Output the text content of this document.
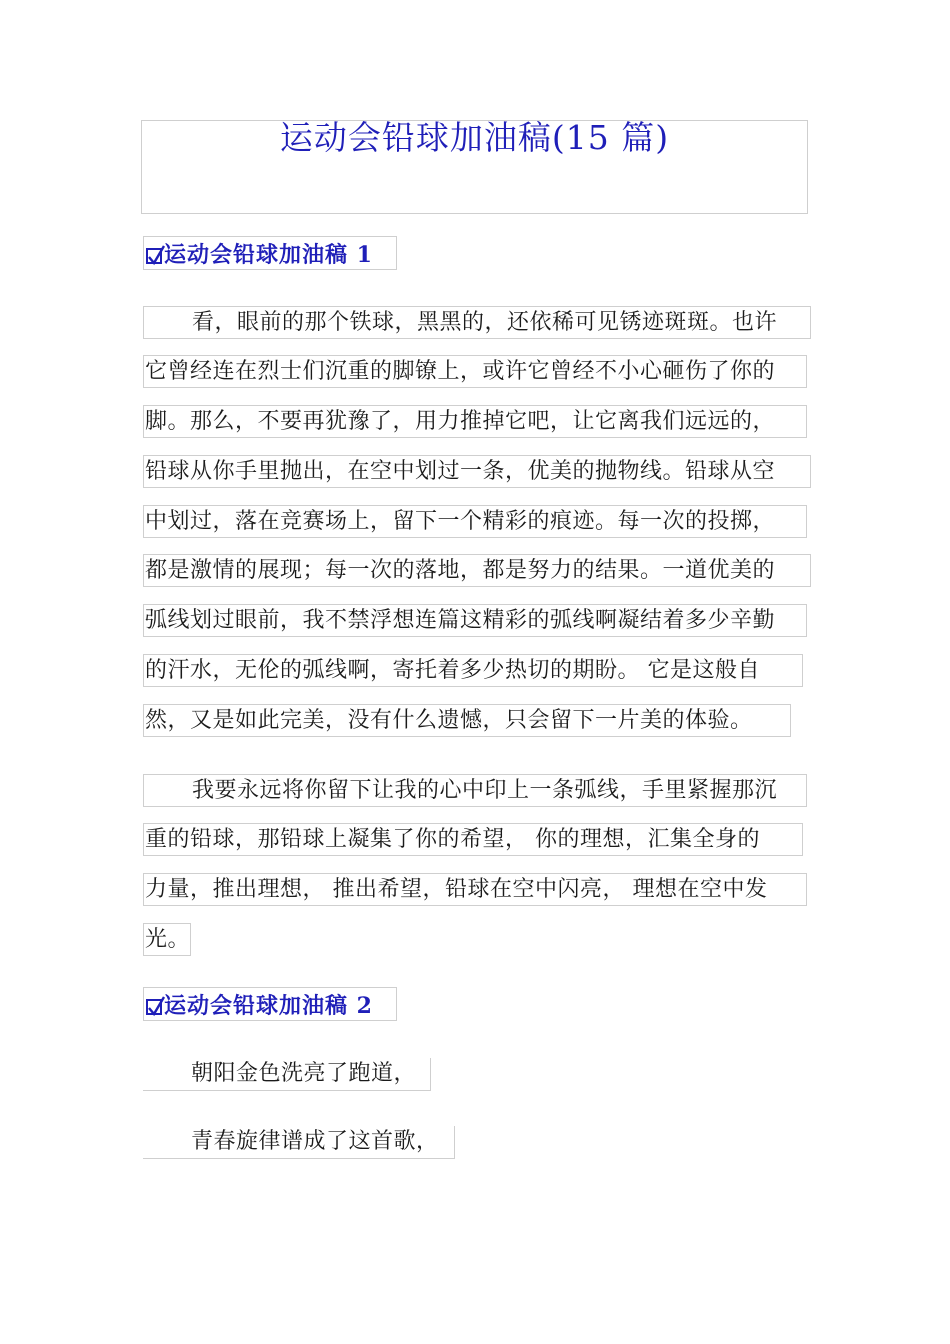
运动会铅球加油稿(15 篇)
运动会铅球加油稿 1
看，眼前的那个铁球，黑黑的，还依稀可见锈迹斑斑。也许
它曾经连在烈士们沉重的脚镣上，或许它曾经不小心砸伤了你的
脚。那么，不要再犹豫了，用力推掉它吧，让它离我们远远的，
铅球从你手里抛出，在空中划过一条，优美的抛物线。铅球从空
中划过，落在竞赛场上，留下一个精彩的痕迹。每一次的投掷，
都是激情的展现；每一次的落地，都是努力的结果。一道优美的
弧线划过眼前，我不禁浮想连篇这精彩的弧线啊凝结着多少辛勤
的汗水，无伦的弧线啊，寄托着多少热切的期盼。 它是这般自
然，又是如此完美，没有什么遗憾，只会留下一片美的体验。
我要永远将你留下让我的心中印上一条弧线，手里紧握那沉
重的铅球，那铅球上凝集了你的希望， 你的理想，汇集全身的
力量，推出理想， 推出希望，铅球在空中闪亮， 理想在空中发
光。
运动会铅球加油稿 2
朝阳金色洗亮了跑道，
青春旋律谱成了这首歌，
